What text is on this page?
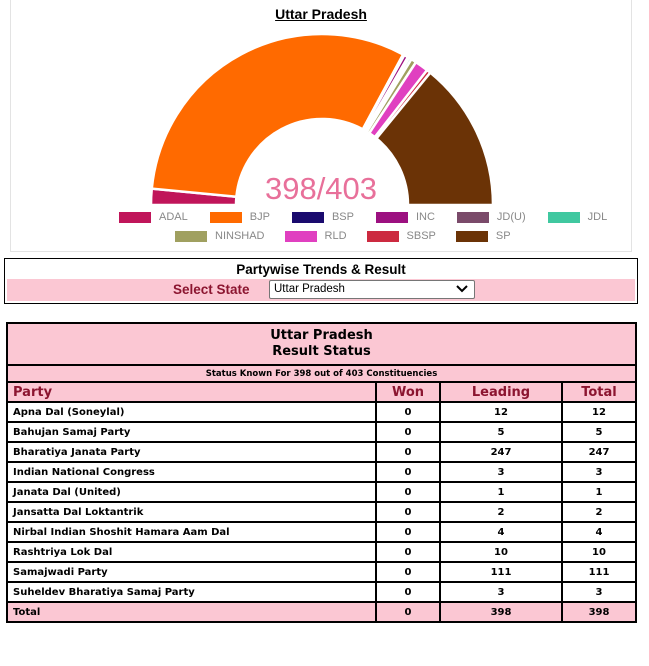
Uttar Pradesh
398/403
ADAL	BJP	BSP	INC	JD(U)	JDL
NINSHAD	RLD	SBSP	SP
Partywise Trends & Result
Select State	Uttar Pradesh
Uttar Pradesh
Result Status			

Status Known For 398 out of 403 Constituencies			
Party	Won	Leading	Total
Apna Dal (Soneylal)	0	12	12
Bahujan Samaj Party	0	5	5
Bharatiya Janata Party	0	247	247
Indian National Congress	0	3	3
Janata Dal (United)	0	1	1
Jansatta Dal Loktantrik	0	2	2
Nirbal Indian Shoshit Hamara Aam Dal	0	4	4
Rashtriya Lok Dal	0	10	10
Samajwadi Party	0	111	111
Suheldev Bharatiya Samaj Party	0	3	3
Total	0	398	398
